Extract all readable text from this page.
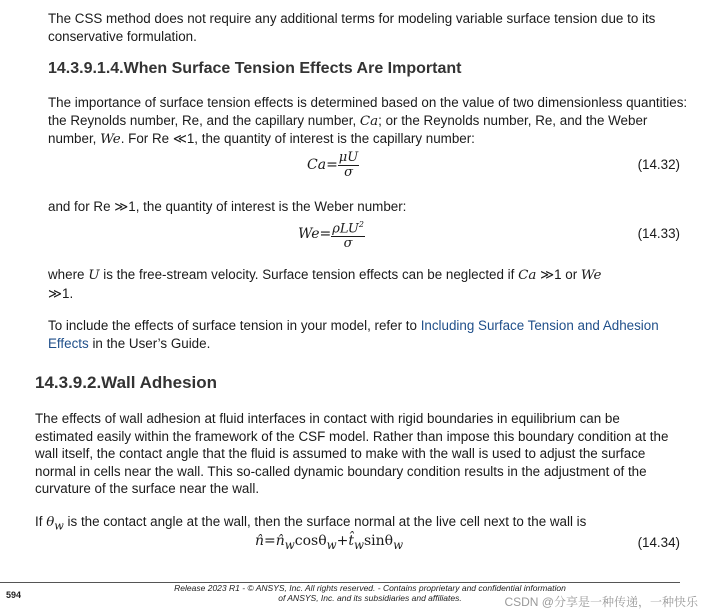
The CSS method does not require any additional terms for modeling variable surface tension due to its conservative formulation.

14.3.9.1.4.When Surface Tension Effects Are Important

The importance of surface tension effects is determined based on the value of two dimensionless quantities: the Reynolds number, Re, and the capillary number, Ca; or the Reynolds number, Re, and the Weber number, We. For Re ≪1, the quantity of interest is the capillary number:

$Ca= \frac{\mu U}{\sigma}$	(14.32)

and for Re ≫1, the quantity of interest is the Weber number:

$We= \frac{\rho LU^2}{\sigma}$	(14.33)

where U is the free-stream velocity. Surface tension effects can be neglected if Ca ≫1 or We
≫1.

To include the effects of surface tension in your model, refer to Including Surface Tension and Adhesion Effects in the User’s Guide.

14.3.9.2.Wall Adhesion

The effects of wall adhesion at fluid interfaces in contact with rigid boundaries in equilibrium can be estimated easily within the framework of the CSF model. Rather than impose this boundary condition at the wall itself, the contact angle that the fluid is assumed to make with the wall is used to adjust the surface normal in cells near the wall. This so-called dynamic boundary condition results in the adjustment of the curvature of the surface near the wall.

If $\theta_w$ is the contact angle at the wall, then the surface normal at the live cell next to the wall is

$n̂=n̂_w\cos\theta_w+t̂_w\sin\theta_w$	(14.34)
Release 2023 R1 - © ANSYS, Inc. All rights reserved. - Contains proprietary and confidential information
of ANSYS, Inc. and its subsidiaries and affiliates.
594	CSDN @分享是一种传递，一种快乐
